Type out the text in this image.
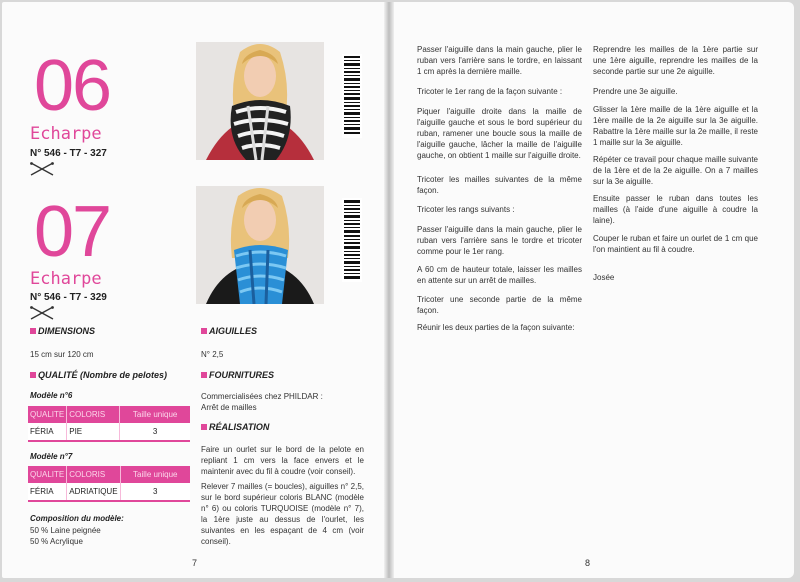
06
Echarpe
N° 546 - T7 - 327
07
Echarpe
N° 546 - T7 - 329
DIMENSIONS
15 cm sur 120 cm
QUALITÉ (Nombre de pelotes)
Modèle n°6
QUALITE	COLORIS	Taille unique
FÉRIA	PIE	3
Modèle n°7
QUALITE	COLORIS	Taille unique
FÉRIA	ADRIATIQUE	3
Composition du modèle:
50 % Laine peignée
50 % Acrylique
AIGUILLES
N° 2,5
FOURNITURES
Commercialisées chez PHILDAR :
Arrêt de mailles
RÉALISATION
Faire un ourlet sur le bord de la pelote en repliant 1 cm vers la face envers et le maintenir avec du fil à coudre (voir conseil).
Relever 7 mailles (= boucles), aiguilles n° 2,5, sur le bord supérieur coloris BLANC (modèle n° 6) ou coloris TURQUOISE (modèle n° 7), la 1ère juste au dessus de l'ourlet, les suivantes en les espaçant de 4 cm (voir conseil).
7
Passer l'aiguille dans la main gauche, plier le ruban vers l'arrière sans le tordre, en laissant 1 cm après la dernière maille.
Tricoter le 1er rang de la façon suivante :
Piquer l'aiguille droite dans la maille de l'aiguille gauche et sous le bord supérieur du ruban, ramener une boucle sous la maille de l'aiguille gauche, lâcher la maille de l'aiguille gauche, on obtient 1 maille sur l'aiguille droite.
Tricoter les mailles suivantes de la même façon.
Tricoter les rangs suivants :
Passer l'aiguille dans la main gauche, plier le ruban vers l'arrière sans le tordre et tricoter comme pour le 1er rang.
A 60 cm de hauteur totale, laisser les mailles en attente sur un arrêt de mailles.
Tricoter une seconde partie de la même façon.
Réunir les deux parties de la façon suivante:
Reprendre les mailles de la 1ère partie sur une 1ère aiguille, reprendre les mailles de la seconde partie sur une 2e aiguille.
Prendre une 3e aiguille.
Glisser la 1ère maille de la 1ère aiguille et la 1ère maille de la 2e aiguille sur la 3e aiguille. Rabattre la 1ère maille sur la 2e maille, il reste 1 maille sur la 3e aiguille.
Répéter ce travail pour chaque maille suivante de la 1ère et de la 2e aiguille. On a 7 mailles sur la 3e aiguille.
Ensuite passer le ruban dans toutes les mailles (à l'aide d'une aiguille à coudre la laine).
Couper le ruban et faire un ourlet de 1 cm que l'on maintient au fil à coudre.
Josée
8
